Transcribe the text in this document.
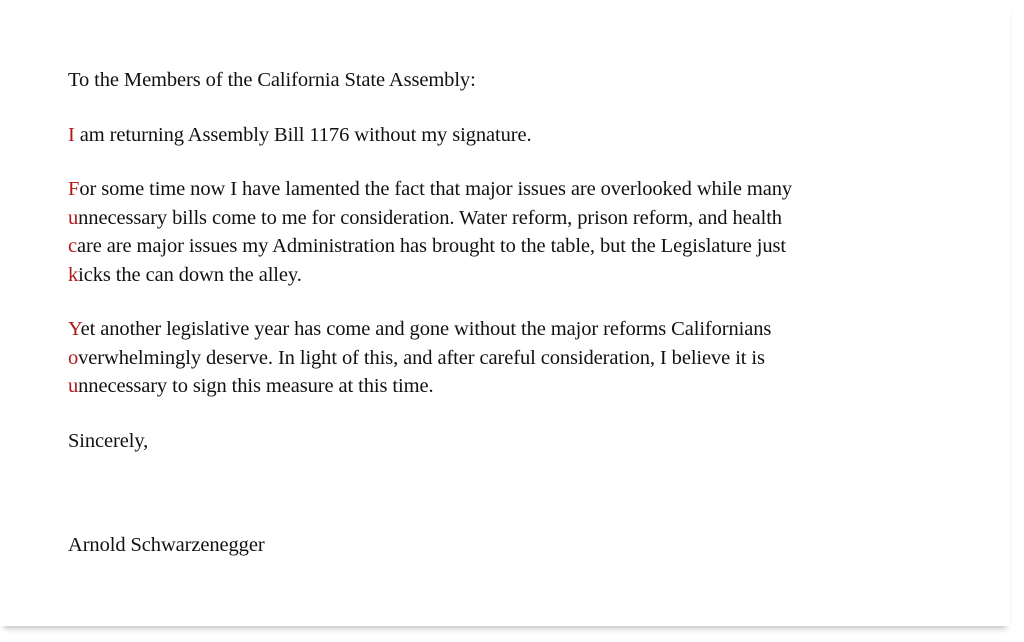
To the Members of the California State Assembly:

I am returning Assembly Bill 1176 without my signature.

For some time now I have lamented the fact that major issues are overlooked while many
unnecessary bills come to me for consideration. Water reform, prison reform, and health
care are major issues my Administration has brought to the table, but the Legislature just
kicks the can down the alley.

Yet another legislative year has come and gone without the major reforms Californians
overwhelmingly deserve. In light of this, and after careful consideration, I believe it is
unnecessary to sign this measure at this time.

Sincerely,

Arnold Schwarzenegger
